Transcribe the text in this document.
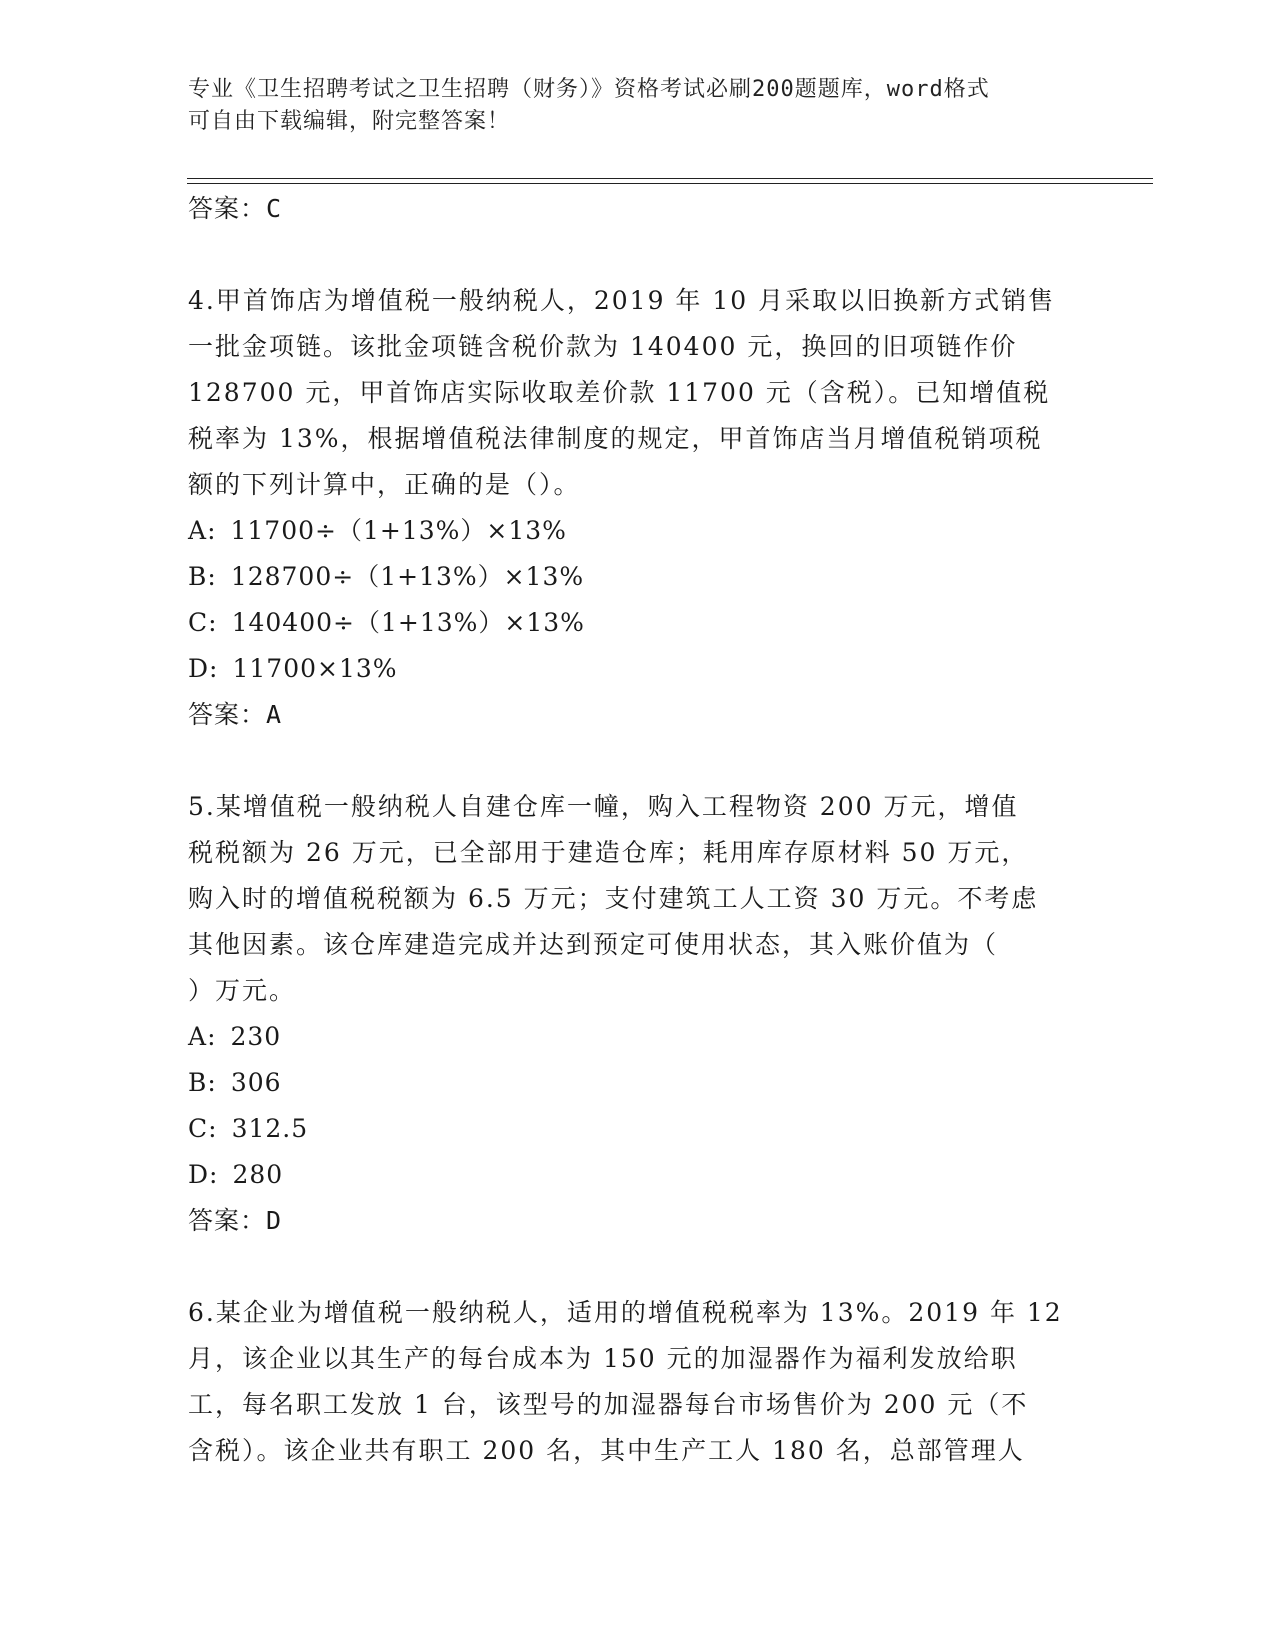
专业《卫生招聘考试之卫生招聘（财务）》资格考试必刷200题题库，word格式
可自由下载编辑，附完整答案！
答案：C
4.甲首饰店为增值税一般纳税人，2019 年 10 月采取以旧换新方式销售
一批金项链。该批金项链含税价款为 140400 元，换回的旧项链作价
128700 元，甲首饰店实际收取差价款 11700 元（含税）。已知增值税
税率为 13%，根据增值税法律制度的规定，甲首饰店当月增值税销项税
额的下列计算中，正确的是（）。
A: 11700÷（1+13%）×13%
B: 128700÷（1+13%）×13%
C: 140400÷（1+13%）×13%
D: 11700×13%
答案：A
5.某增值税一般纳税人自建仓库一幢，购入工程物资 200 万元，增值
税税额为 26 万元，已全部用于建造仓库；耗用库存原材料 50 万元，
购入时的增值税税额为 6.5 万元；支付建筑工人工资 30 万元。不考虑
其他因素。该仓库建造完成并达到预定可使用状态，其入账价值为（
）万元。
A: 230
B: 306
C: 312.5
D: 280
答案：D
6.某企业为增值税一般纳税人，适用的增值税税率为 13%。2019 年 12
月，该企业以其生产的每台成本为 150 元的加湿器作为福利发放给职
工，每名职工发放 1 台，该型号的加湿器每台市场售价为 200 元（不
含税）。该企业共有职工 200 名，其中生产工人 180 名，总部管理人
